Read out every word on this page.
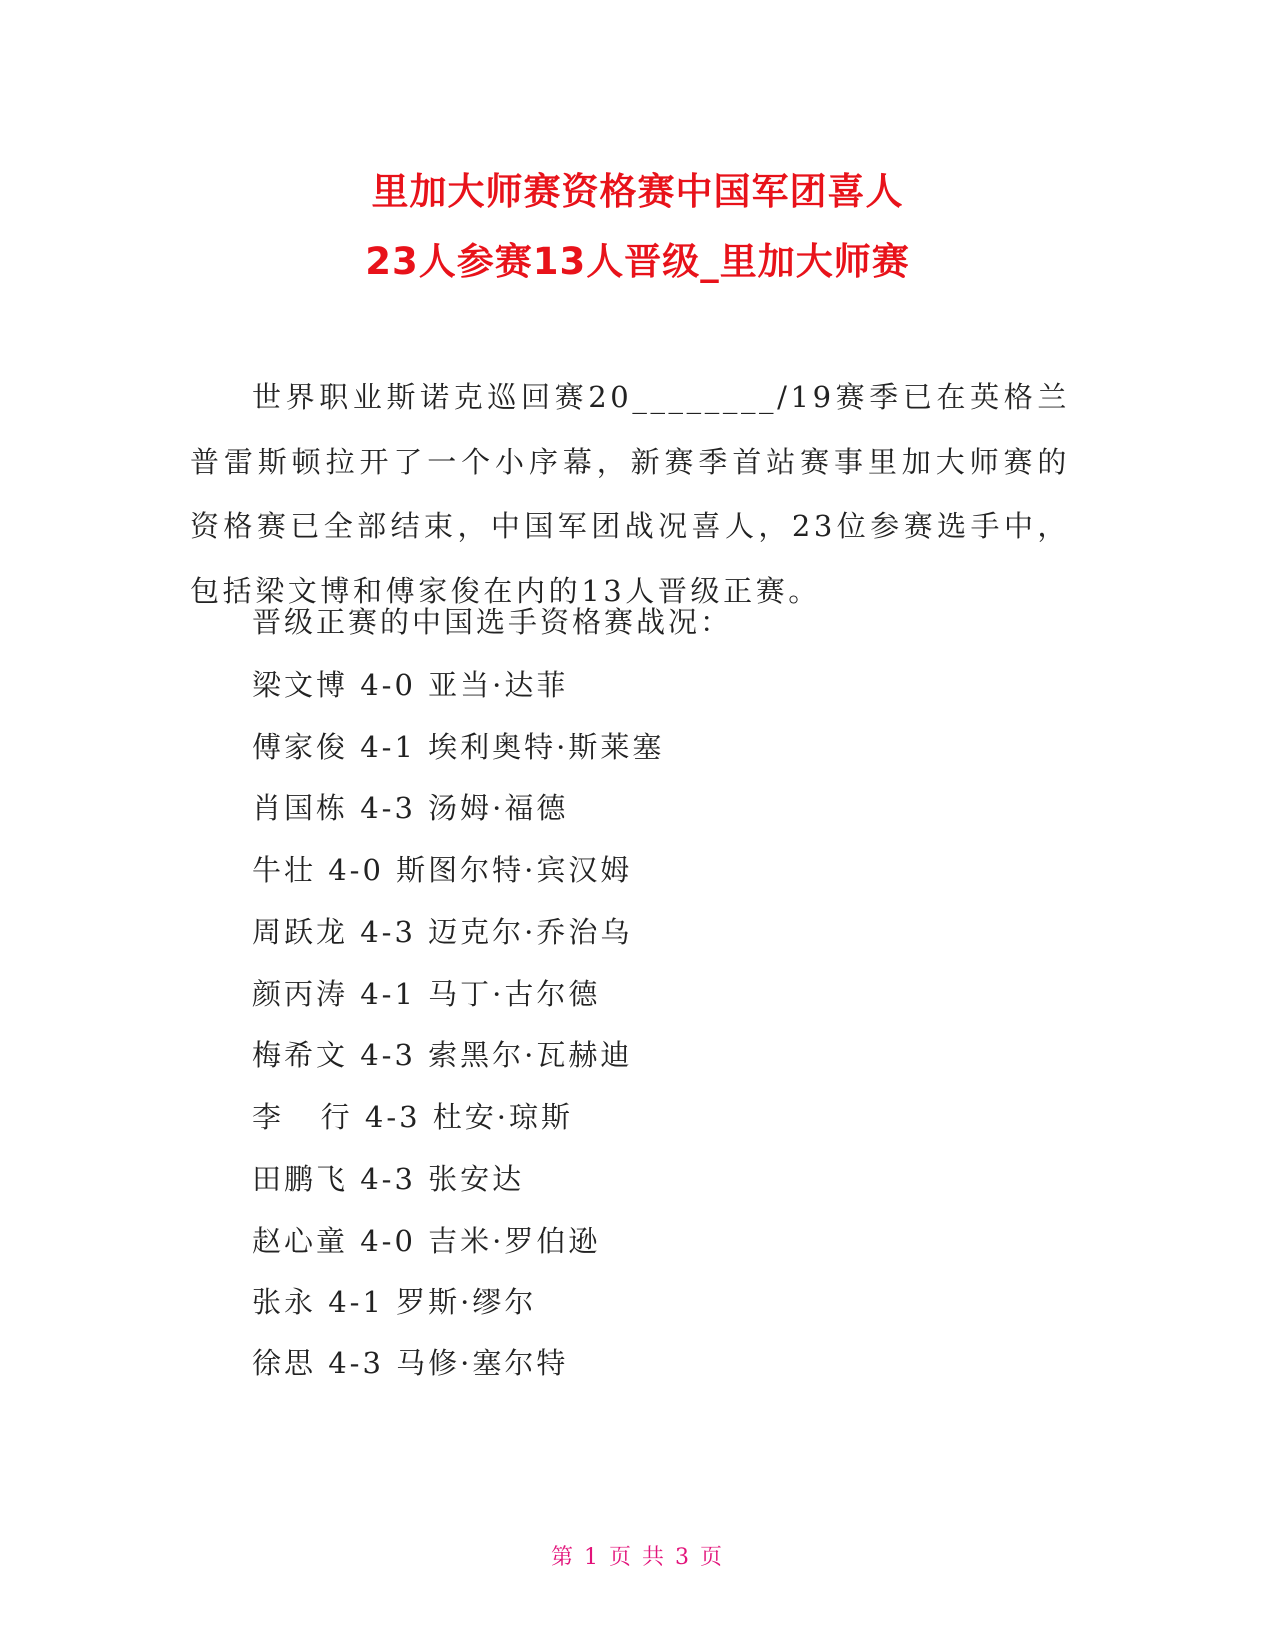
里加大师赛资格赛中国军团喜人
23人参赛13人晋级_里加大师赛
世界职业斯诺克巡回赛20________/19赛季已在英格兰普雷斯顿拉开了一个小序幕，新赛季首站赛事里加大师赛的资格赛已全部结束，中国军团战况喜人，23位参赛选手中，包括梁文博和傅家俊在内的13人晋级正赛。
晋级正赛的中国选手资格赛战况：
梁文博 4-0 亚当·达菲
傅家俊 4-1 埃利奥特·斯莱塞
肖国栋 4-3 汤姆·福德
牛壮 4-0 斯图尔特·宾汉姆
周跃龙 4-3 迈克尔·乔治乌
颜丙涛 4-1 马丁·古尔德
梅希文 4-3 索黑尔·瓦赫迪
李   行 4-3 杜安·琼斯
田鹏飞 4-3 张安达
赵心童 4-0 吉米·罗伯逊
张永 4-1 罗斯·缪尔
徐思 4-3 马修·塞尔特
第 1 页 共 3 页
